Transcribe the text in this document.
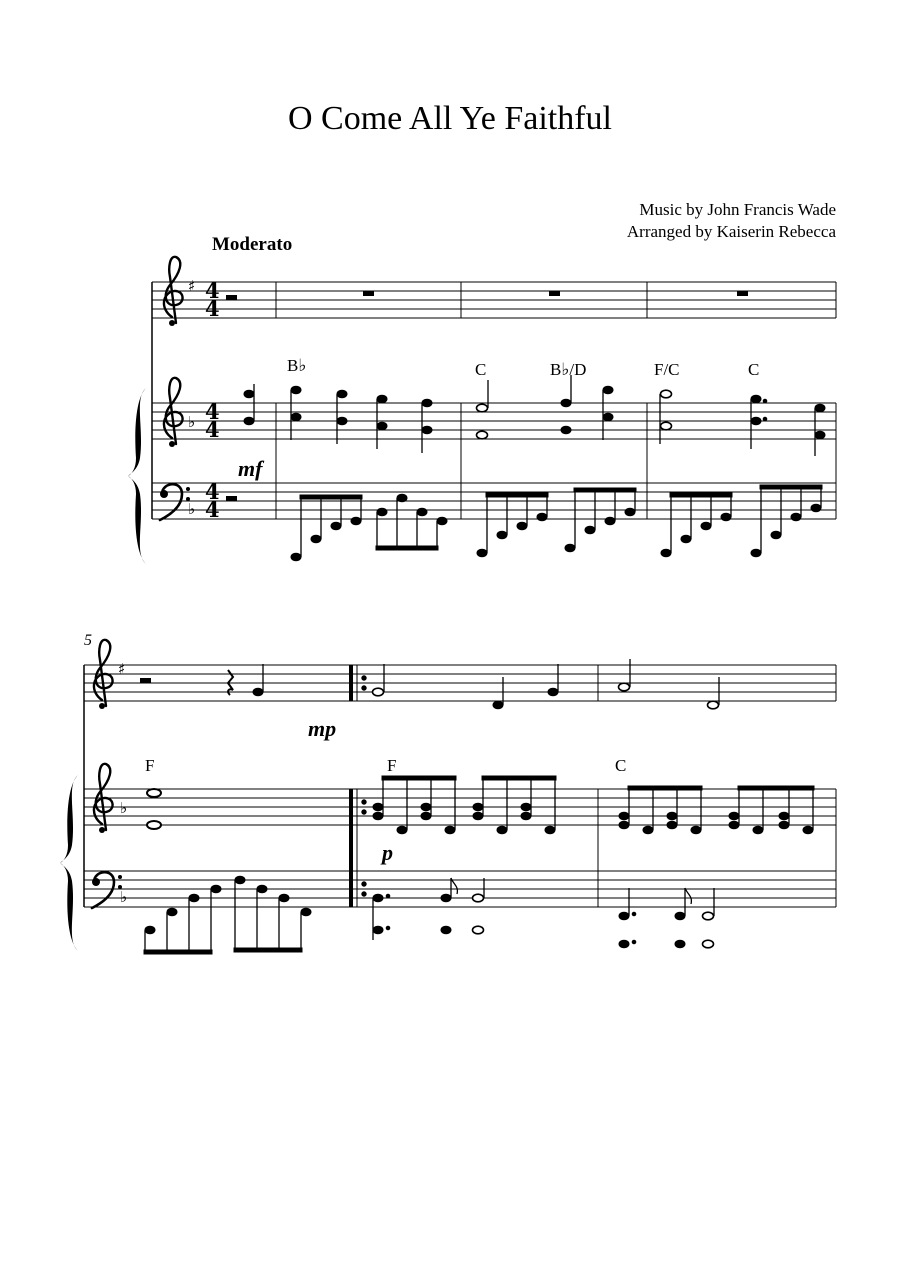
O Come All Ye Faithful
Music by John Francis Wade
Arranged by Kaiserin Rebecca
Moderato
B♭	C	B♭/D	F/C	C
mf
5
F	F	C
mp
p
4
4
4
4
4
4
♯
♭
♭
♯
♭
♭
